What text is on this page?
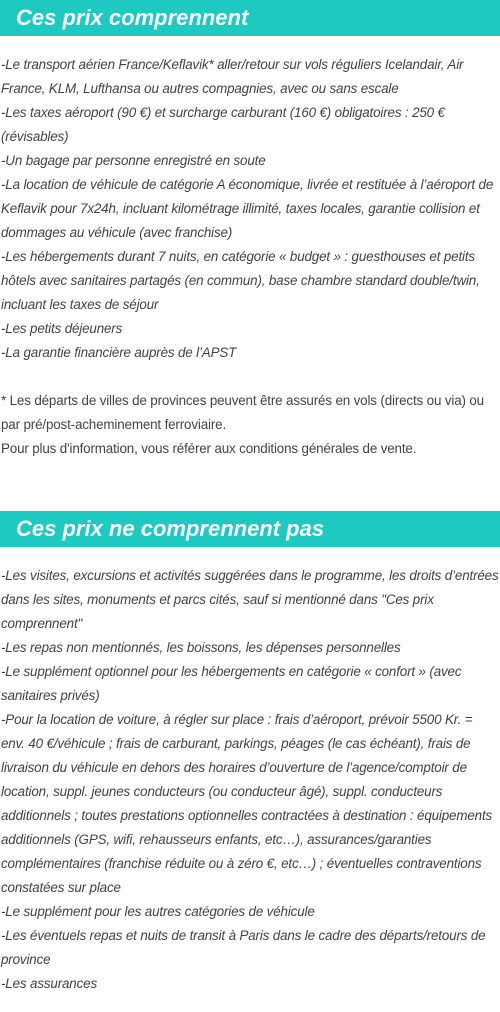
Ces prix comprennent

-Le transport aérien France/Keflavik* aller/retour sur vols réguliers Icelandair, Air France, KLM, Lufthansa ou autres compagnies, avec ou sans escale

-Les taxes aéroport (90 €) et surcharge carburant (160 €) obligatoires : 250 € (révisables)

-Un bagage par personne enregistré en soute

-La location de véhicule de catégorie A économique, livrée et restituée à l’aéroport de Keflavik pour 7x24h, incluant kilométrage illimité, taxes locales, garantie collision et dommages au véhicule (avec franchise)

-Les hébergements durant 7 nuits, en catégorie « budget » : guesthouses et petits hôtels avec sanitaires partagés (en commun), base chambre standard double/twin, incluant les taxes de séjour

-Les petits déjeuners

-La garantie financière auprès de l’APST

* Les départs de villes de provinces peuvent être assurés en vols (directs ou via) ou par pré/post-acheminement ferroviaire.

Pour plus d'information, vous référer aux conditions générales de vente.

Ces prix ne comprennent pas

-Les visites, excursions et activités suggérées dans le programme, les droits d’entrées dans les sites, monuments et parcs cités, sauf si mentionné dans "Ces prix comprennent"

-Les repas non mentionnés, les boissons, les dépenses personnelles

-Le supplément optionnel pour les hébergements en catégorie « confort » (avec sanitaires privés)

-Pour la location de voiture, à régler sur place : frais d’aéroport, prévoir 5500 Kr. = env. 40 €/véhicule ; frais de carburant, parkings, péages (le cas échéant), frais de livraison du véhicule en dehors des horaires d’ouverture de l’agence/comptoir de location, suppl. jeunes conducteurs (ou conducteur âgé), suppl. conducteurs additionnels ; toutes prestations optionnelles contractées à destination : équipements additionnels (GPS, wifi, rehausseurs enfants, etc…), assurances/garanties complémentaires (franchise réduite ou à zéro €, etc…) ; éventuelles contraventions constatées sur place

-Le supplément pour les autres catégories de véhicule

-Les éventuels repas et nuits de transit à Paris dans le cadre des départs/retours de province

-Les assurances
